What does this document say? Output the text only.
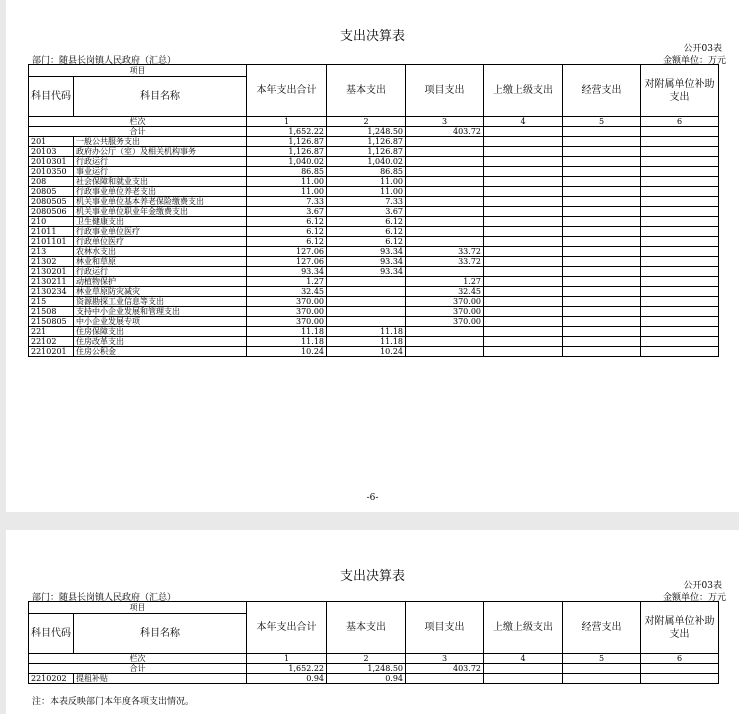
支出决算表
公开03表
部门：随县长岗镇人民政府（汇总）	金额单位：万元
项目		本年支出合计	基本支出	项目支出	上缴上级支出	经营支出	对附属单位补助支出
科目代码	科目名称						
栏次		1	2	3	4	5	6
合计		1,652.22	1,248.50	403.72			
201	一般公共服务支出	1,126.87	1,126.87				
20103	政府办公厅（室）及相关机构事务	1,126.87	1,126.87				
2010301	行政运行	1,040.02	1,040.02				
2010350	事业运行	86.85	86.85				
208	社会保障和就业支出	11.00	11.00				
20805	行政事业单位养老支出	11.00	11.00				
2080505	机关事业单位基本养老保险缴费支出	7.33	7.33				
2080506	机关事业单位职业年金缴费支出	3.67	3.67				
210	卫生健康支出	6.12	6.12				
21011	行政事业单位医疗	6.12	6.12				
2101101	行政单位医疗	6.12	6.12				
213	农林水支出	127.06	93.34	33.72			
21302	林业和草原	127.06	93.34	33.72			
2130201	行政运行	93.34	93.34				
2130211	动植物保护	1.27		1.27			
2130234	林业草原防灾减灾	32.45		32.45			
215	资源勘探工业信息等支出	370.00		370.00			
21508	支持中小企业发展和管理支出	370.00		370.00			
2150805	中小企业发展专项	370.00		370.00			
221	住房保障支出	11.18	11.18				
22102	住房改革支出	11.18	11.18				
2210201	住房公积金	10.24	10.24				
-6-
支出决算表
公开03表
部门：随县长岗镇人民政府（汇总）	金额单位：万元
项目		本年支出合计	基本支出	项目支出	上缴上级支出	经营支出	对附属单位补助支出
科目代码	科目名称						
栏次		1	2	3	4	5	6
合计		1,652.22	1,248.50	403.72			
2210202	提租补贴	0.94	0.94				
注：本表反映部门本年度各项支出情况。
